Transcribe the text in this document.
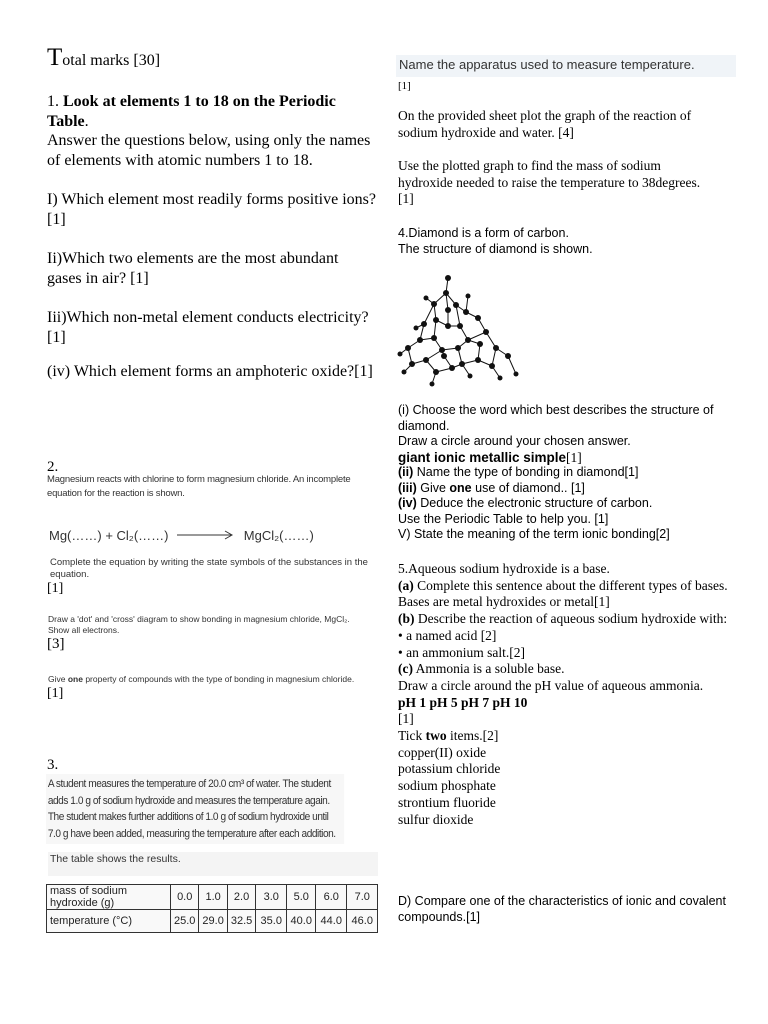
Total marks [30]
1. Look at elements 1 to 18 on the Periodic Table.
Answer the questions below, using only the names of elements with atomic numbers 1 to 18.
I) Which element most readily forms positive ions? [1]
Ii)Which two elements are the most abundant gases in air? [1]
Iii)Which non-metal element conducts electricity?[1]
(iv) Which element forms an amphoteric oxide?[1]
2.
Magnesium reacts with chlorine to form magnesium chloride. An incomplete equation for the reaction is shown.
Mg(……) + Cl₂(……)	MgCl₂(……)
Complete the equation by writing the state symbols of the substances in the equation.
[1]
Draw a 'dot' and 'cross' diagram to show bonding in magnesium chloride, MgCl₂. Show all electrons.
[3]
Give one property of compounds with the type of bonding in magnesium chloride.
[1]
3.
A student measures the temperature of 20.0 cm³ of water. The student adds 1.0 g of sodium hydroxide and measures the temperature again. The student makes further additions of 1.0 g of sodium hydroxide until 7.0 g have been added, measuring the temperature after each addition.
The table shows the results.
mass of sodium hydroxide (g)	0.0	1.0	2.0	3.0	5.0	6.0	7.0
temperature (°C)	25.0	29.0	32.5	35.0	40.0	44.0	46.0
Name the apparatus used to measure temperature.
[1]
On the provided sheet plot the graph of the reaction of sodium hydroxide and water. [4]
Use the plotted graph to find the mass of sodium hydroxide needed to raise the temperature to 38degrees. [1]
4.Diamond is a form of carbon.
The structure of diamond is shown.
(i) Choose the word which best describes the structure of diamond.
Draw a circle around your chosen answer.
giant ionic metallic simple[1]
(ii) Name the type of bonding in diamond[1]
(iii) Give one use of diamond.. [1]
(iv) Deduce the electronic structure of carbon.
Use the Periodic Table to help you. [1]
V) State the meaning of the term ionic bonding[2]
5.Aqueous sodium hydroxide is a base.
(a) Complete this sentence about the different types of bases.
Bases are metal hydroxides or metal[1]
(b) Describe the reaction of aqueous sodium hydroxide with:
• a named acid [2]
• an ammonium salt.[2]
(c) Ammonia is a soluble base.
Draw a circle around the pH value of aqueous ammonia.
pH 1 pH 5 pH 7 pH 10
[1]
Tick two items.[2]
copper(II) oxide
potassium chloride
sodium phosphate
strontium fluoride
sulfur dioxide
D) Compare one of the characteristics of ionic and covalent compounds.[1]
